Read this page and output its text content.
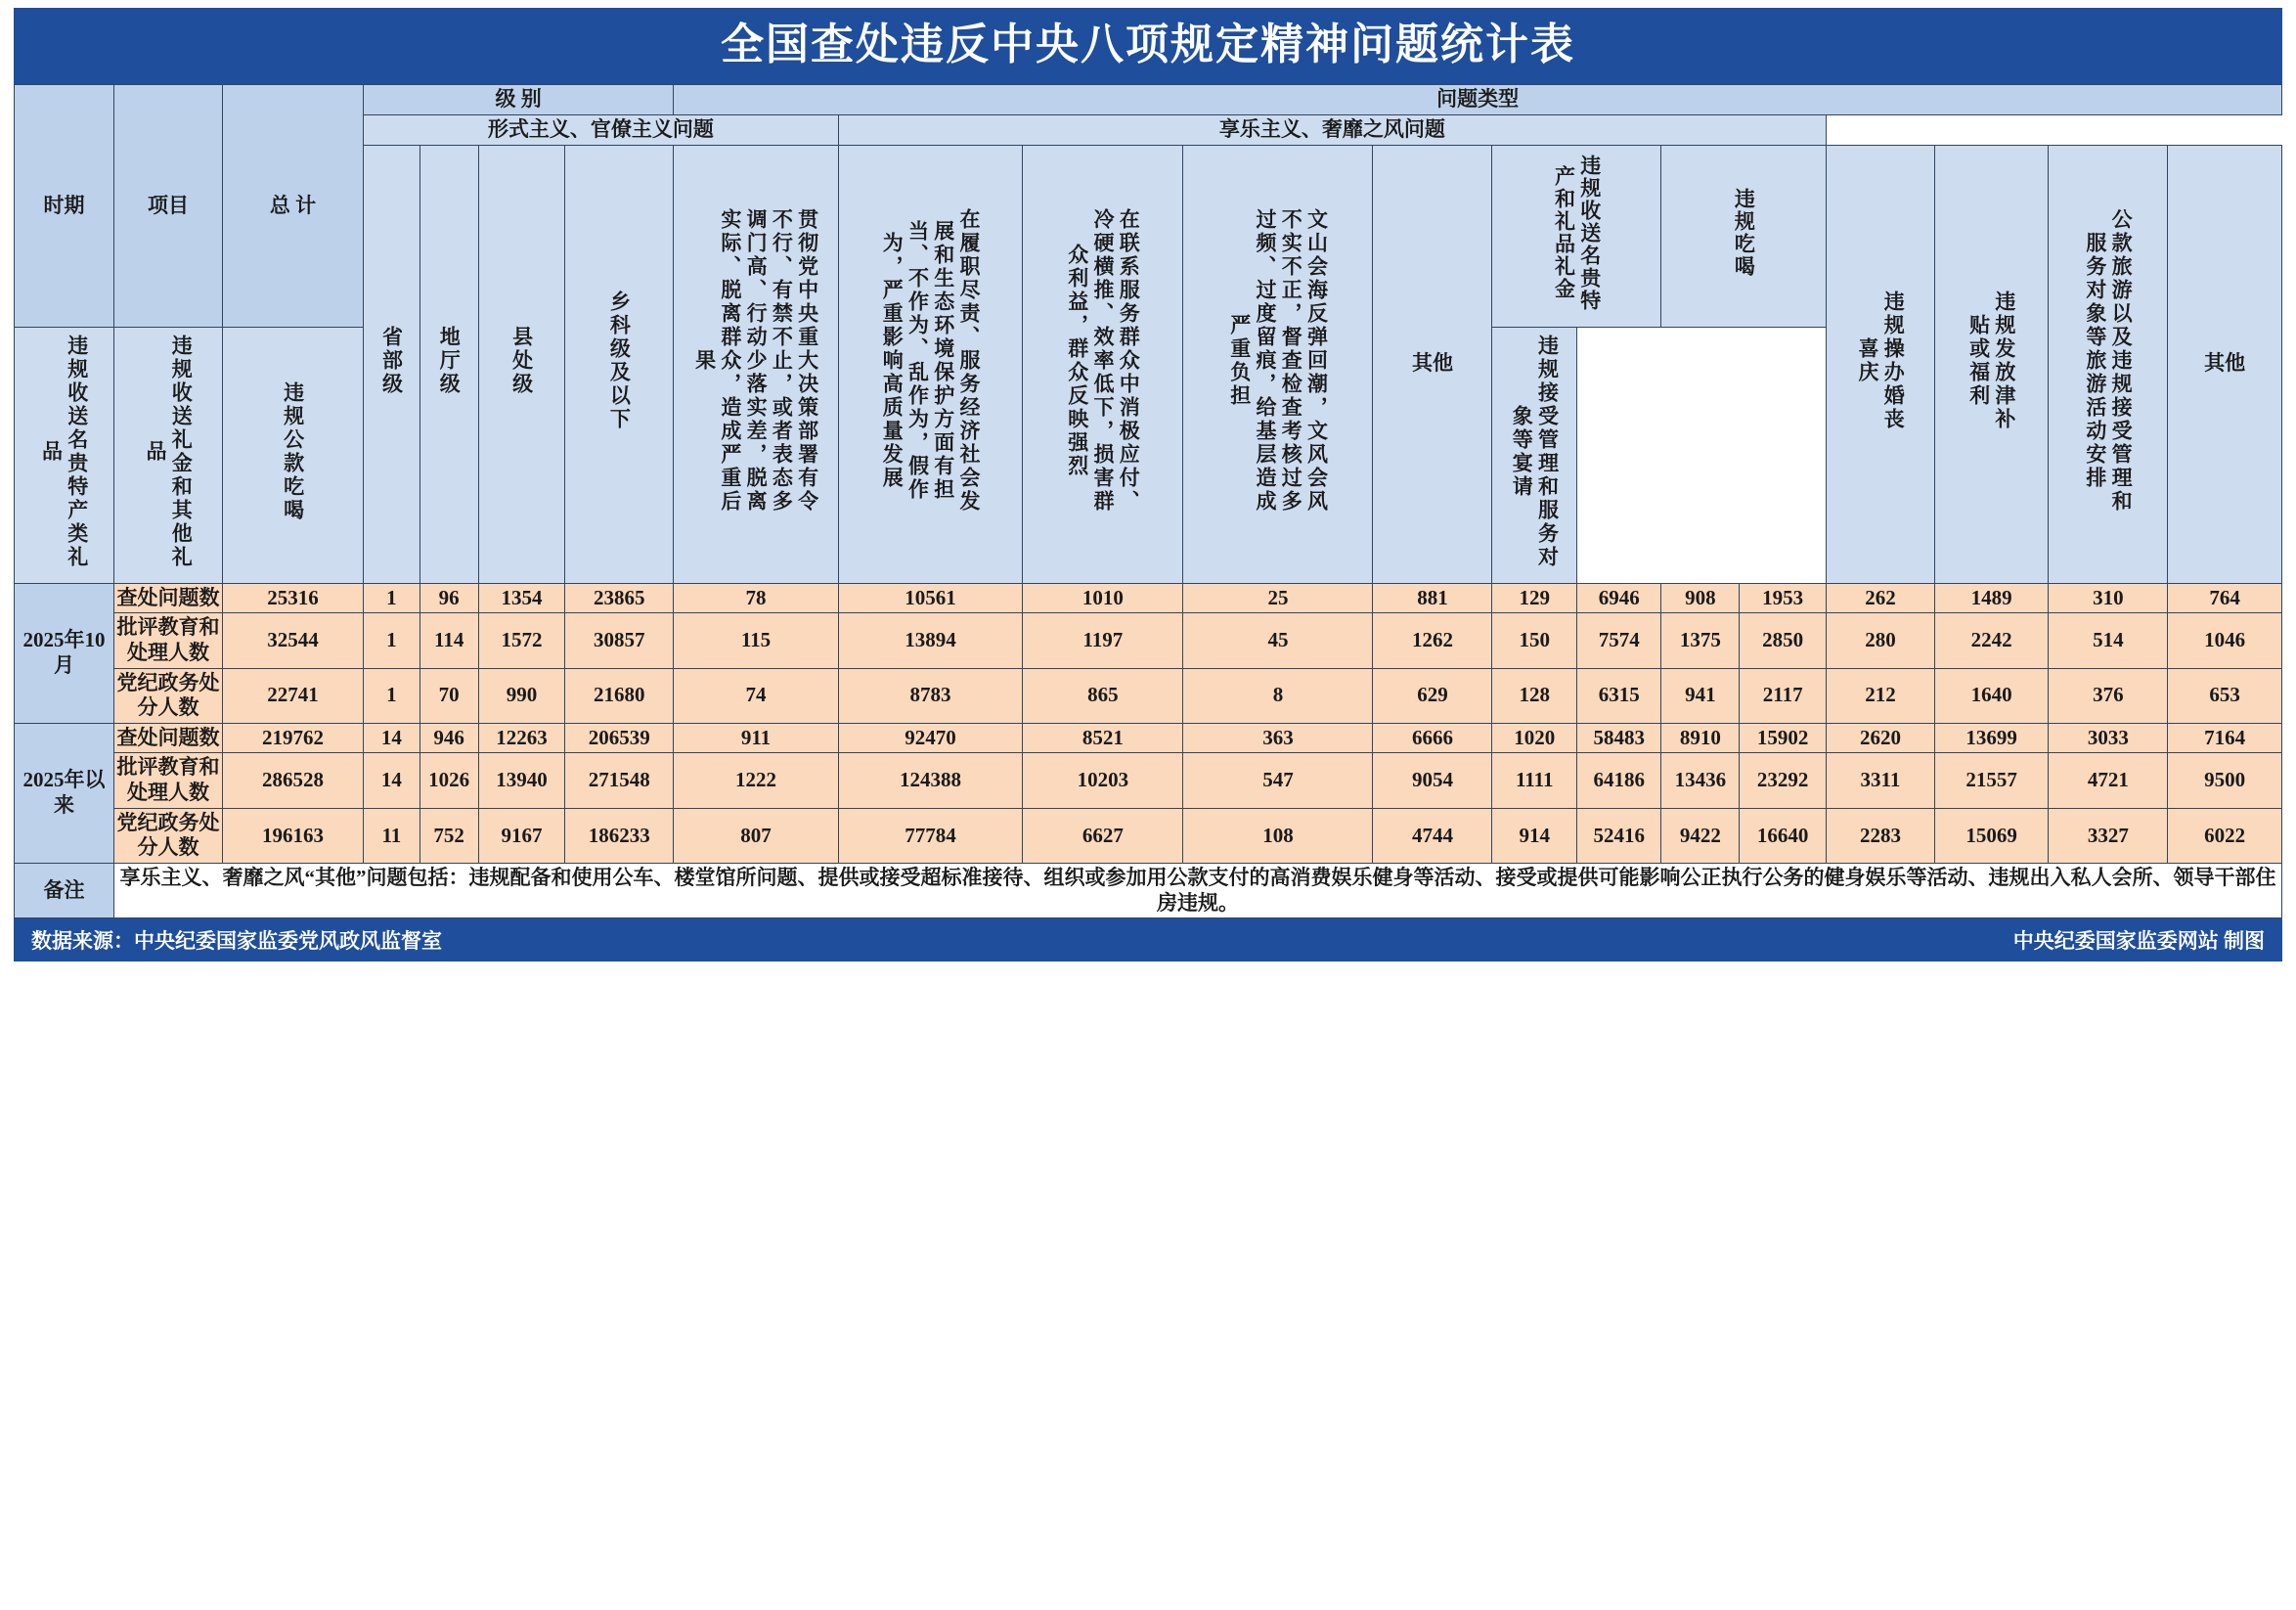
全国查处违反中央八项规定精神问题统计表
时期	项目	总 计	级 别				问题类型												
			形式主义、官僚主义问题					享乐主义、奢靡之风问题											
			省部级	地厅级	县处级	乡科级及以下	贯彻党中央重大决策部署有令不行、有禁不止，或者表态多调门高、行动少落实差，脱离实际、脱离群众，造成严重后果	在履职尽责、服务经济社会发展和生态环境保护方面有担当、不作为、乱作为，假作为，严重影响高质量发展	在联系服务群众中消极应付、冷硬横推、效率低下，损害群众利益，群众反映强烈	文山会海反弹回潮，文风会风不实不正，督查检查考核过多过频、过度留痕，给基层造成严重负担	其他	违规收送名贵特产和礼品礼金		违规吃喝		违规操办婚丧喜庆	违规发放津补贴或福利	公款旅游以及违规接受管理和服务对象等旅游活动安排	其他
违规收送名贵特产类礼品	违规收送礼金和其他礼品	违规公款吃喝										违规接受管理和服务对象等宴请							
2025年10月	查处问题数	25316	1	96	1354	23865	78	10561	1010	25	881	129	6946	908	1953	262	1489	310	764
	批评教育和处理人数	32544	1	114	1572	30857	115	13894	1197	45	1262	150	7574	1375	2850	280	2242	514	1046
	党纪政务处分人数	22741	1	70	990	21680	74	8783	865	8	629	128	6315	941	2117	212	1640	376	653
2025年以来	查处问题数	219762	14	946	12263	206539	911	92470	8521	363	6666	1020	58483	8910	15902	2620	13699	3033	7164
	批评教育和处理人数	286528	14	1026	13940	271548	1222	124388	10203	547	9054	1111	64186	13436	23292	3311	21557	4721	9500
	党纪政务处分人数	196163	11	752	9167	186233	807	77784	6627	108	4744	914	52416	9422	16640	2283	15069	3327	6022
备注	享乐主义、奢靡之风“其他”问题包括：违规配备和使用公车、楼堂馆所问题、提供或接受超标准接待、组织或参加用公款支付的高消费娱乐健身等活动、接受或提供可能影响公正执行公务的健身娱乐等活动、违规出入私人会所、领导干部住房违规。																		
数据来源：中央纪委国家监委党风政风监督室	中央纪委国家监委网站 制图
